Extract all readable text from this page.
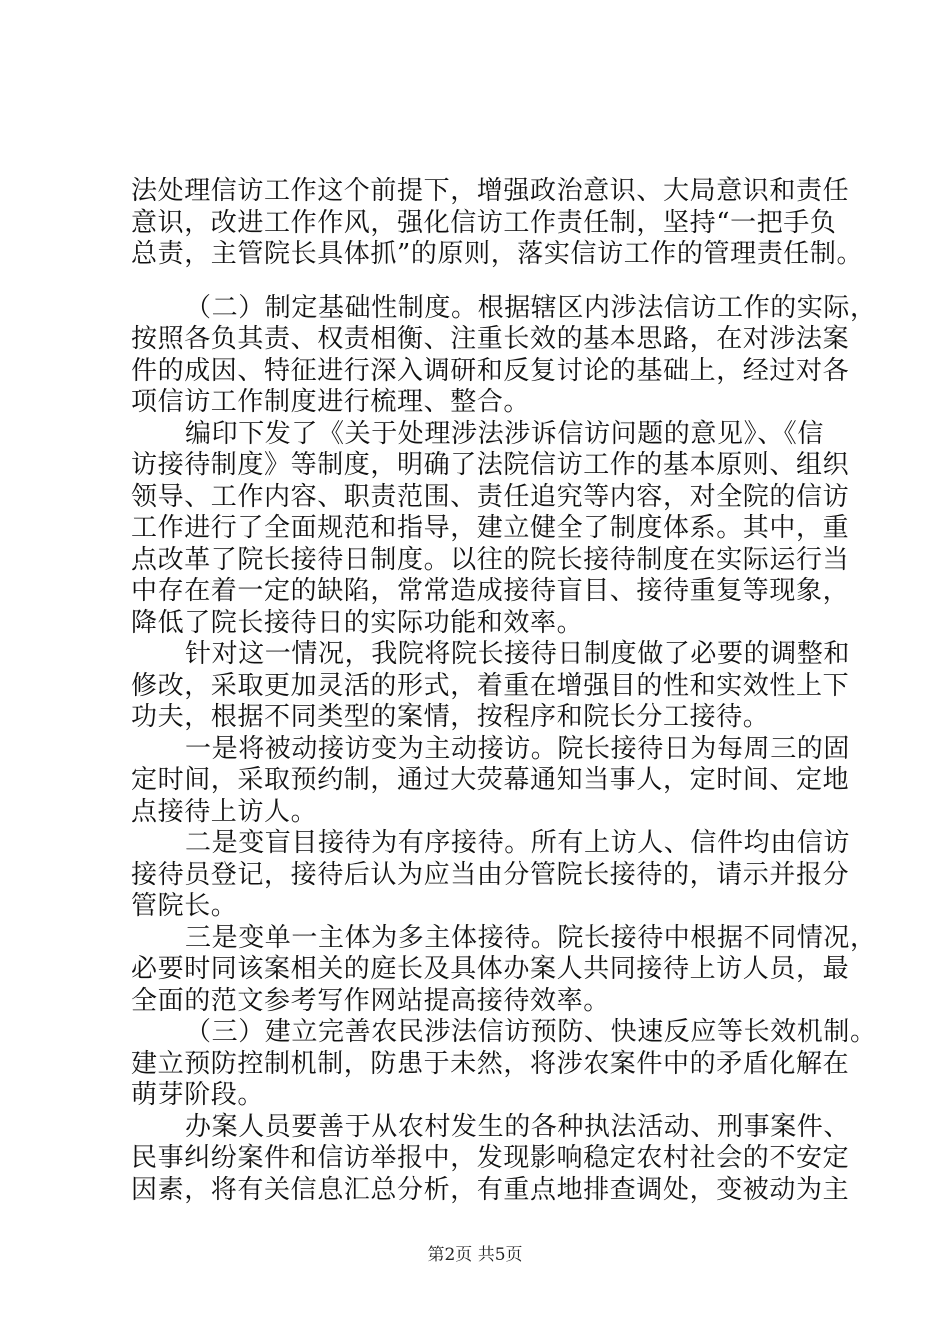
法处理信访工作这个前提下，增强政治意识、大局意识和责任
意识，改进工作作风，强化信访工作责任制，坚持“一把手负
总责，主管院长具体抓”的原则，落实信访工作的管理责任制。
（二）制定基础性制度。根据辖区内涉法信访工作的实际，
按照各负其责、权责相衡、注重长效的基本思路，在对涉法案
件的成因、特征进行深入调研和反复讨论的基础上，经过对各
项信访工作制度进行梳理、整合。
编印下发了《关于处理涉法涉诉信访问题的意见》、《信
访接待制度》等制度，明确了法院信访工作的基本原则、组织
领导、工作内容、职责范围、责任追究等内容，对全院的信访
工作进行了全面规范和指导，建立健全了制度体系。其中，重
点改革了院长接待日制度。以往的院长接待制度在实际运行当
中存在着一定的缺陷，常常造成接待盲目、接待重复等现象，
降低了院长接待日的实际功能和效率。
针对这一情况，我院将院长接待日制度做了必要的调整和
修改，采取更加灵活的形式，着重在增强目的性和实效性上下
功夫，根据不同类型的案情，按程序和院长分工接待。
一是将被动接访变为主动接访。院长接待日为每周三的固
定时间，采取预约制，通过大荧幕通知当事人，定时间、定地
点接待上访人。
二是变盲目接待为有序接待。所有上访人、信件均由信访
接待员登记，接待后认为应当由分管院长接待的，请示并报分
管院长。
三是变单一主体为多主体接待。院长接待中根据不同情况，
必要时同该案相关的庭长及具体办案人共同接待上访人员，最
全面的范文参考写作网站提高接待效率。
（三）建立完善农民涉法信访预防、快速反应等长效机制。
建立预防控制机制，防患于未然，将涉农案件中的矛盾化解在
萌芽阶段。
办案人员要善于从农村发生的各种执法活动、刑事案件、
民事纠纷案件和信访举报中，发现影响稳定农村社会的不安定
因素，将有关信息汇总分析，有重点地排查调处，变被动为主
第2页 共5页
